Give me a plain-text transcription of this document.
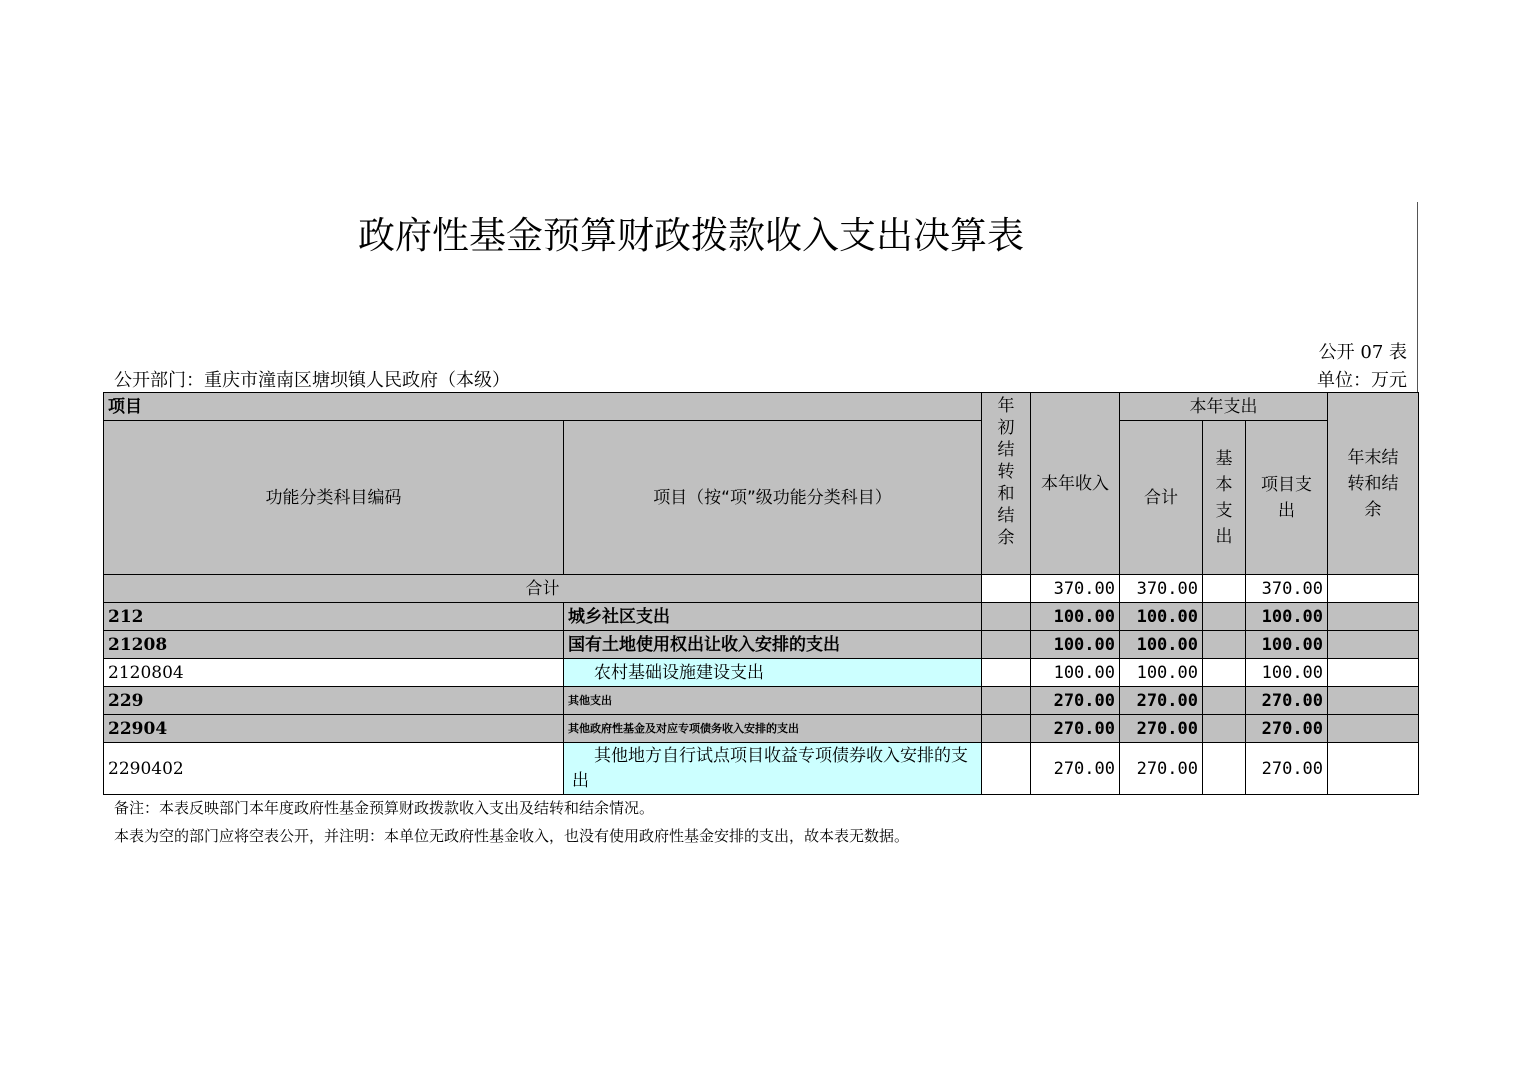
政府性基金预算财政拨款收入支出决算表
公开 07 表
公开部门：重庆市潼南区塘坝镇人民政府（本级）	单位：万元
项目		年初结转和结余	本年收入	本年支出			年末结转和结余
功能分类科目编码	项目（按“项”级功能分类科目）			合计	基本支出	项目支出	
合计			370.00	370.00		370.00	
212	城乡社区支出		100.00	100.00		100.00	
21208	国有土地使用权出让收入安排的支出		100.00	100.00		100.00	
2120804	农村基础设施建设支出		100.00	100.00		100.00	
229	其他支出		270.00	270.00		270.00	
22904	其他政府性基金及对应专项债务收入安排的支出		270.00	270.00		270.00	
2290402	其他地方自行试点项目收益专项债券收入安排的支出		270.00	270.00		270.00	
备注：本表反映部门本年度政府性基金预算财政拨款收入支出及结转和结余情况。
本表为空的部门应将空表公开，并注明：本单位无政府性基金收入，也没有使用政府性基金安排的支出，故本表无数据。
